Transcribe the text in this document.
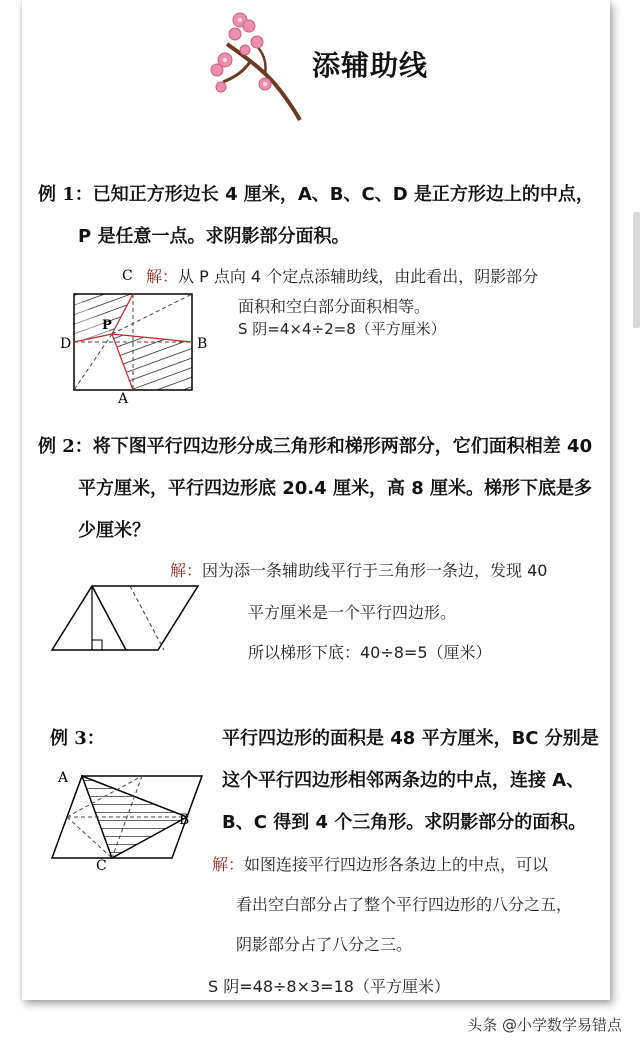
添辅助线
例 1：已知正方形边长 4 厘米，A、B、C、D 是正方形边上的中点，
P 是任意一点。求阴影部分面积。
C
D	B
A
P
解：从 P 点向 4 个定点添辅助线，由此看出，阴影部分
面积和空白部分面积相等。
S 阴=4×4÷2=8（平方厘米）
例 2：将下图平行四边形分成三角形和梯形两部分，它们面积相差 40
平方厘米，平行四边形底 20.4 厘米，高 8 厘米。梯形下底是多
少厘米？
解：因为添一条辅助线平行于三角形一条边，发现 40
平方厘米是一个平行四边形。
所以梯形下底：40÷8=5（厘米）
例 3：	平行四边形的面积是 48 平方厘米，BC 分别是
这个平行四边形相邻两条边的中点，连接 A、
B、C 得到 4 个三角形。求阴影部分的面积。
A
B
C	解：如图连接平行四边形各条边上的中点，可以
看出空白部分占了整个平行四边形的八分之五，
阴影部分占了八分之三。
S 阴=48÷8×3=18（平方厘米）
头条 @小学数学易错点
